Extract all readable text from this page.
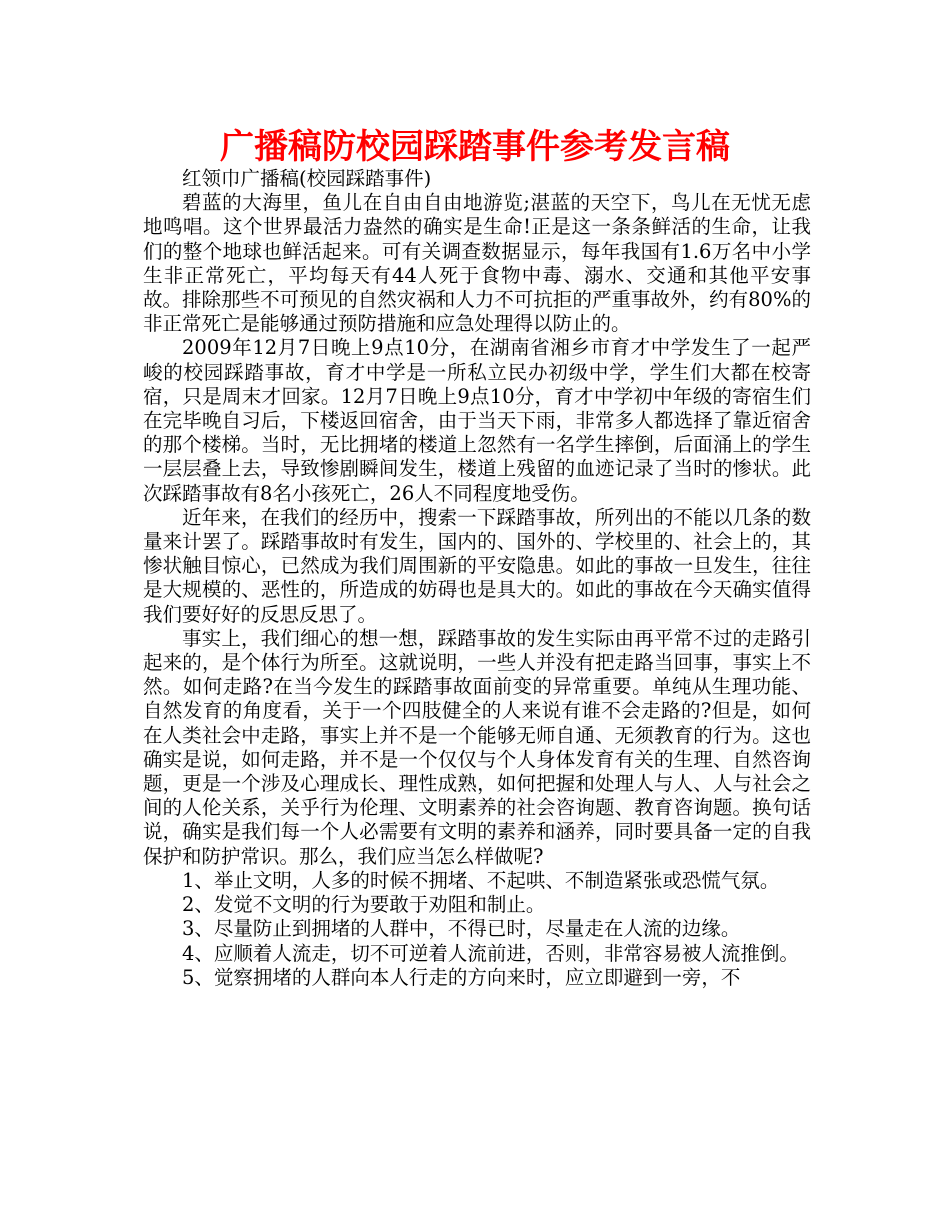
广播稿防校园踩踏事件参考发言稿

红领巾广播稿(校园踩踏事件)

碧蓝的大海里，鱼儿在自由自由地游览;湛蓝的天空下，鸟儿在无忧无虑地鸣唱。这个世界最活力盎然的确实是生命!正是这一条条鲜活的生命，让我们的整个地球也鲜活起来。可有关调查数据显示，每年我国有1.6万名中小学生非正常死亡，平均每天有44人死于食物中毒、溺水、交通和其他平安事故。排除那些不可预见的自然灾祸和人力不可抗拒的严重事故外，约有80%的非正常死亡是能够通过预防措施和应急处理得以防止的。

2009年12月7日晚上9点10分，在湖南省湘乡市育才中学发生了一起严峻的校园踩踏事故，育才中学是一所私立民办初级中学，学生们大都在校寄宿，只是周末才回家。12月7日晚上9点10分，育才中学初中年级的寄宿生们在完毕晚自习后，下楼返回宿舍，由于当天下雨，非常多人都选择了靠近宿舍的那个楼梯。当时，无比拥堵的楼道上忽然有一名学生摔倒，后面涌上的学生一层层叠上去，导致惨剧瞬间发生，楼道上残留的血迹记录了当时的惨状。此次踩踏事故有8名小孩死亡，26人不同程度地受伤。

近年来，在我们的经历中，搜索一下踩踏事故，所列出的不能以几条的数量来计罢了。踩踏事故时有发生，国内的、国外的、学校里的、社会上的，其惨状触目惊心，已然成为我们周围新的平安隐患。如此的事故一旦发生，往往是大规模的、恶性的，所造成的妨碍也是具大的。如此的事故在今天确实值得我们要好好的反思反思了。

事实上，我们细心的想一想，踩踏事故的发生实际由再平常不过的走路引起来的，是个体行为所至。这就说明，一些人并没有把走路当回事，事实上不然。如何走路?在当今发生的踩踏事故面前变的异常重要。单纯从生理功能、自然发育的角度看，关于一个四肢健全的人来说有谁不会走路的?但是，如何在人类社会中走路，事实上并不是一个能够无师自通、无须教育的行为。这也确实是说，如何走路，并不是一个仅仅与个人身体发育有关的生理、自然咨询题，更是一个涉及心理成长、理性成熟，如何把握和处理人与人、人与社会之间的人伦关系，关乎行为伦理、文明素养的社会咨询题、教育咨询题。换句话说，确实是我们每一个人必需要有文明的素养和涵养，同时要具备一定的自我保护和防护常识。那么，我们应当怎么样做呢?

1、举止文明，人多的时候不拥堵、不起哄、不制造紧张或恐慌气氛。

2、发觉不文明的行为要敢于劝阻和制止。

3、尽量防止到拥堵的人群中，不得已时，尽量走在人流的边缘。

4、应顺着人流走，切不可逆着人流前进，否则，非常容易被人流推倒。

5、觉察拥堵的人群向本人行走的方向来时，应立即避到一旁，不
